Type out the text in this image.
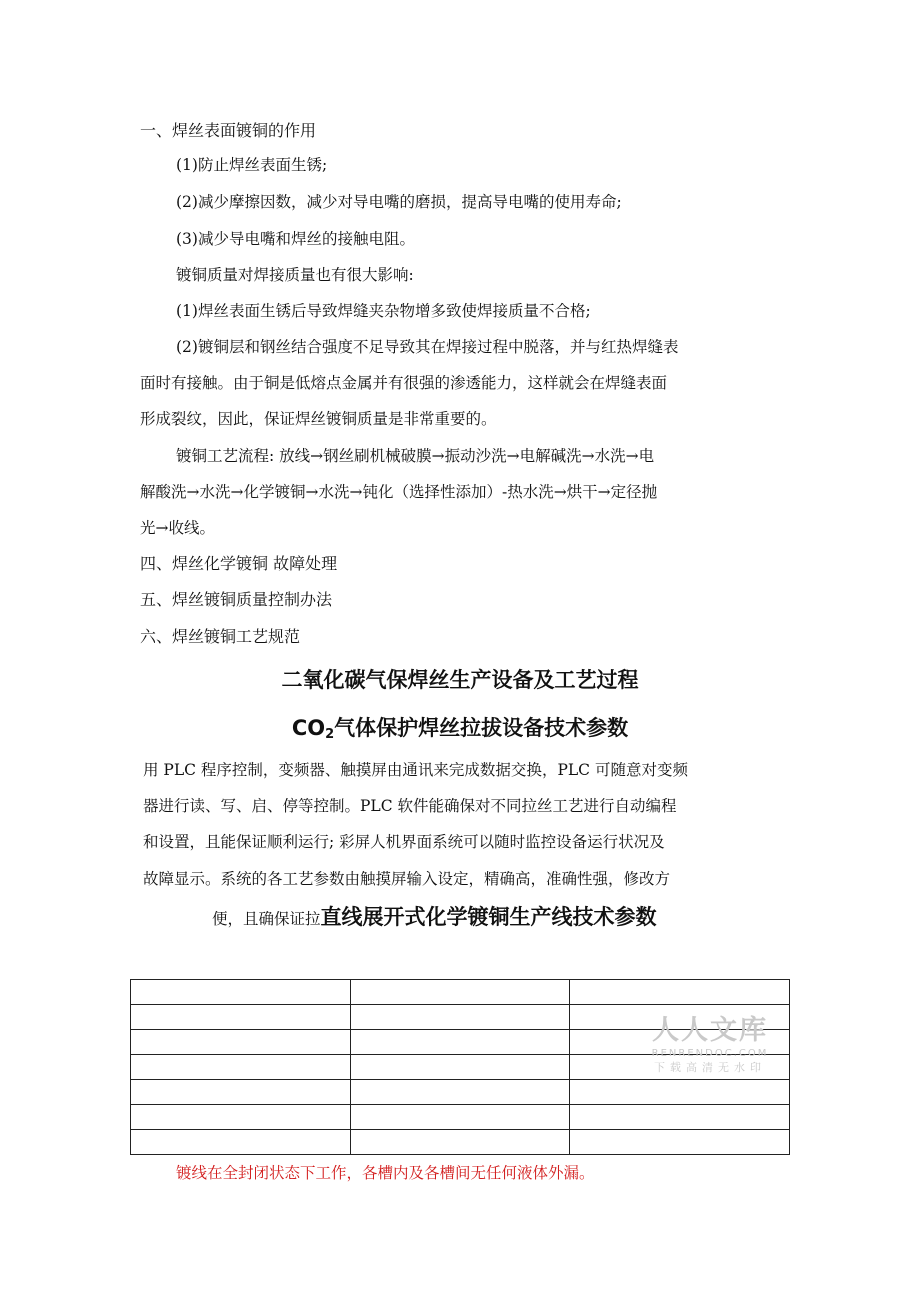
一、焊丝表面镀铜的作用
(1)防止焊丝表面生锈;
(2)减少摩擦因数，减少对导电嘴的磨损，提高导电嘴的使用寿命;
(3)减少导电嘴和焊丝的接触电阻。
镀铜质量对焊接质量也有很大影响:
(1)焊丝表面生锈后导致焊缝夹杂物增多致使焊接质量不合格;
(2)镀铜层和钢丝结合强度不足导致其在焊接过程中脱落，并与红热焊缝表
面时有接触。由于铜是低熔点金属并有很强的渗透能力，这样就会在焊缝表面
形成裂纹，因此，保证焊丝镀铜质量是非常重要的。
镀铜工艺流程: 放线→钢丝刷机械破膜→振动沙洗→电解碱洗→水洗→电
解酸洗→水洗→化学镀铜→水洗→钝化（选择性添加）-热水洗→烘干→定径抛
光→收线。
四、焊丝化学镀铜 故障处理
五、焊丝镀铜质量控制办法
六、焊丝镀铜工艺规范
二氧化碳气保焊丝生产设备及工艺过程
$CO_2$气体保护焊丝拉拔设备技术参数
用 PLC 程序控制，变频器、触摸屏由通讯来完成数据交换，PLC 可随意对变频
器进行读、写、启、停等控制。PLC 软件能确保对不同拉丝工艺进行自动编程
和设置，且能保证顺利运行; 彩屏人机界面系统可以随时监控设备运行状况及
故障显示。系统的各工艺参数由触摸屏输入设定，精确高，准确性强，修改方
便，且确保证拉直线展开式化学镀铜生产线技术参数

人人文库
RENRENDOC.COM
下载高清无水印
镀线在全封闭状态下工作，各槽内及各槽间无任何液体外漏。
